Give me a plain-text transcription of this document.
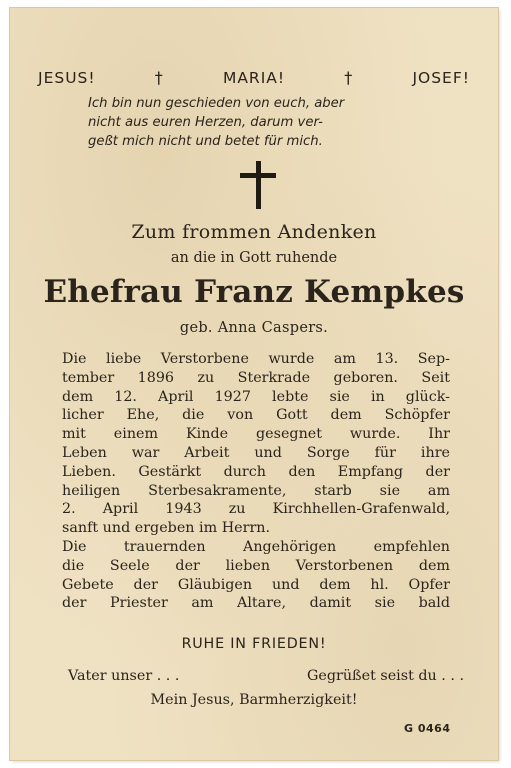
JESUS!	†	MARIA!	†	JOSEF!
Ich bin nun geschieden von euch, aber
nicht aus euren Herzen, darum ver-
geßt mich nicht und betet für mich.
Zum frommen Andenken
an die in Gott ruhende
Ehefrau Franz Kempkes
geb. Anna Caspers.
Die liebe Verstorbene wurde am 13. Sep-
tember 1896 zu Sterkrade geboren. Seit
dem 12. April 1927 lebte sie in glück-
licher Ehe, die von Gott dem Schöpfer
mit einem Kinde gesegnet wurde. Ihr
Leben war Arbeit und Sorge für ihre
Lieben. Gestärkt durch den Empfang der
heiligen Sterbesakramente, starb sie am
2. April 1943 zu Kirchhellen-Grafenwald,
sanft und ergeben im Herrn.
Die trauernden Angehörigen empfehlen
die Seele der lieben Verstorbenen dem
Gebete der Gläubigen und dem hl. Opfer
der Priester am Altare, damit sie bald
RUHE IN FRIEDEN!
Vater unser . . .	Gegrüßet seist du . . .
Mein Jesus, Barmherzigkeit!
G 0464
